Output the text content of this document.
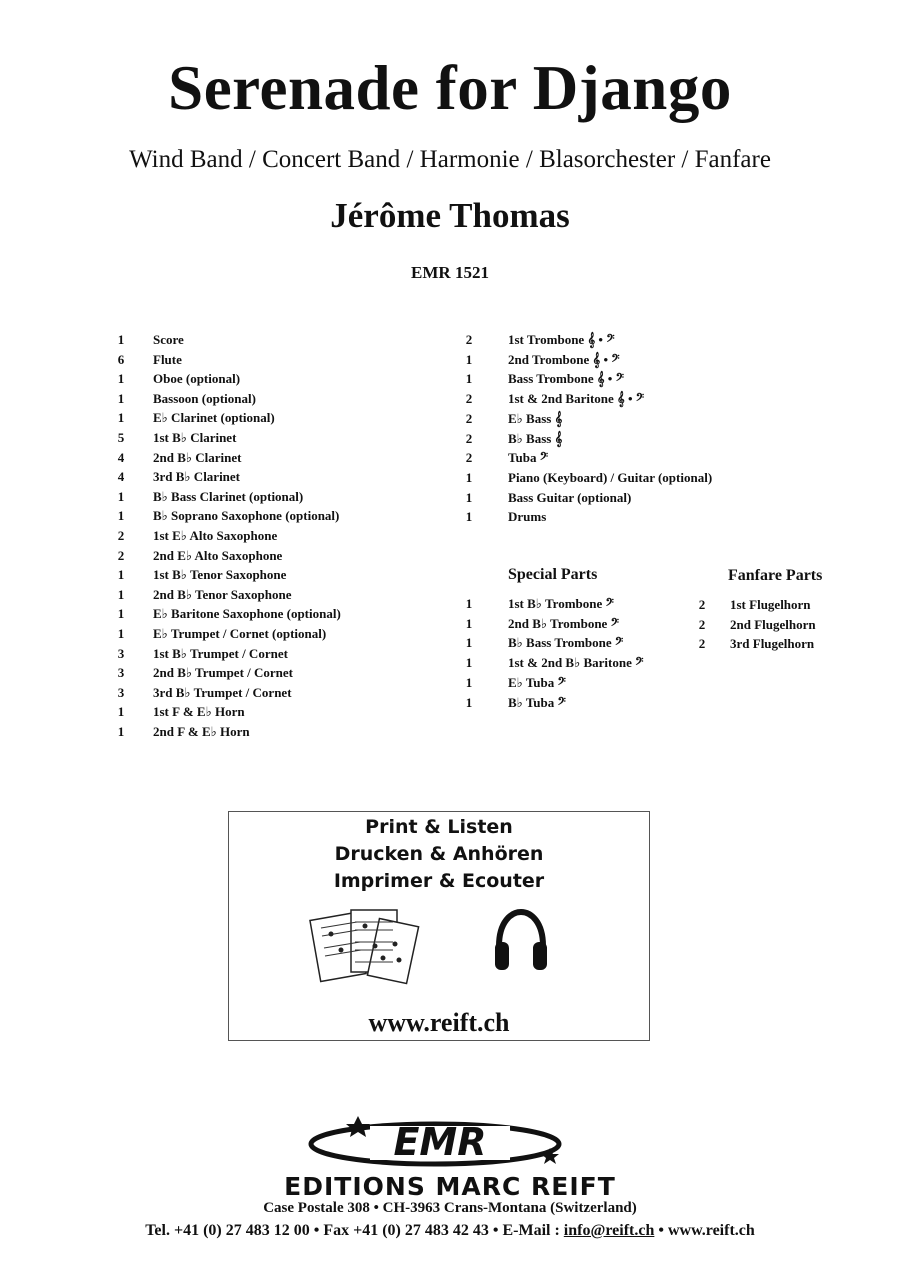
Serenade for Django
Wind Band / Concert Band / Harmonie / Blasorchester / Fanfare
Jérôme Thomas
EMR 1521
1 Score
6 Flute
1 Oboe (optional)
1 Bassoon (optional)
1 E♭ Clarinet (optional)
5 1st B♭ Clarinet
4 2nd B♭ Clarinet
4 3rd B♭ Clarinet
1 B♭ Bass Clarinet (optional)
1 B♭ Soprano Saxophone (optional)
2 1st E♭ Alto Saxophone
2 2nd E♭ Alto Saxophone
1 1st B♭ Tenor Saxophone
1 2nd B♭ Tenor Saxophone
1 E♭ Baritone Saxophone (optional)
1 E♭ Trumpet / Cornet (optional)
3 1st B♭ Trumpet / Cornet
3 2nd B♭ Trumpet / Cornet
3 3rd B♭ Trumpet / Cornet
1 1st F & E♭ Horn
1 2nd F & E♭ Horn
2	1st Trombone 𝄞 • 𝄢
1	2nd Trombone 𝄞 • 𝄢
1	Bass Trombone 𝄞 • 𝄢
2	1st & 2nd Baritone 𝄞 • 𝄢
2	E♭ Bass 𝄞
2	B♭ Bass 𝄞
2	Tuba 𝄢
1	Piano (Keyboard) / Guitar (optional)
1	Bass Guitar (optional)
1	Drums
Special Parts
1	1st B♭ Trombone 𝄢
1	2nd B♭ Trombone 𝄢
1	B♭ Bass Trombone 𝄢
1	1st & 2nd B♭ Baritone 𝄢
1	E♭ Tuba 𝄢
1	B♭ Tuba 𝄢
Fanfare Parts
2 1st Flugelhorn
2 2nd Flugelhorn
2 3rd Flugelhorn
Print & Listen
Drucken & Anhören
Imprimer & Ecouter
www.reift.ch
EMR
EDITIONS MARC REIFT
Case Postale 308 • CH-3963 Crans-Montana (Switzerland)
Tel. +41 (0) 27 483 12 00 • Fax +41 (0) 27 483 42 43 • E-Mail : info@reift.ch • www.reift.ch
